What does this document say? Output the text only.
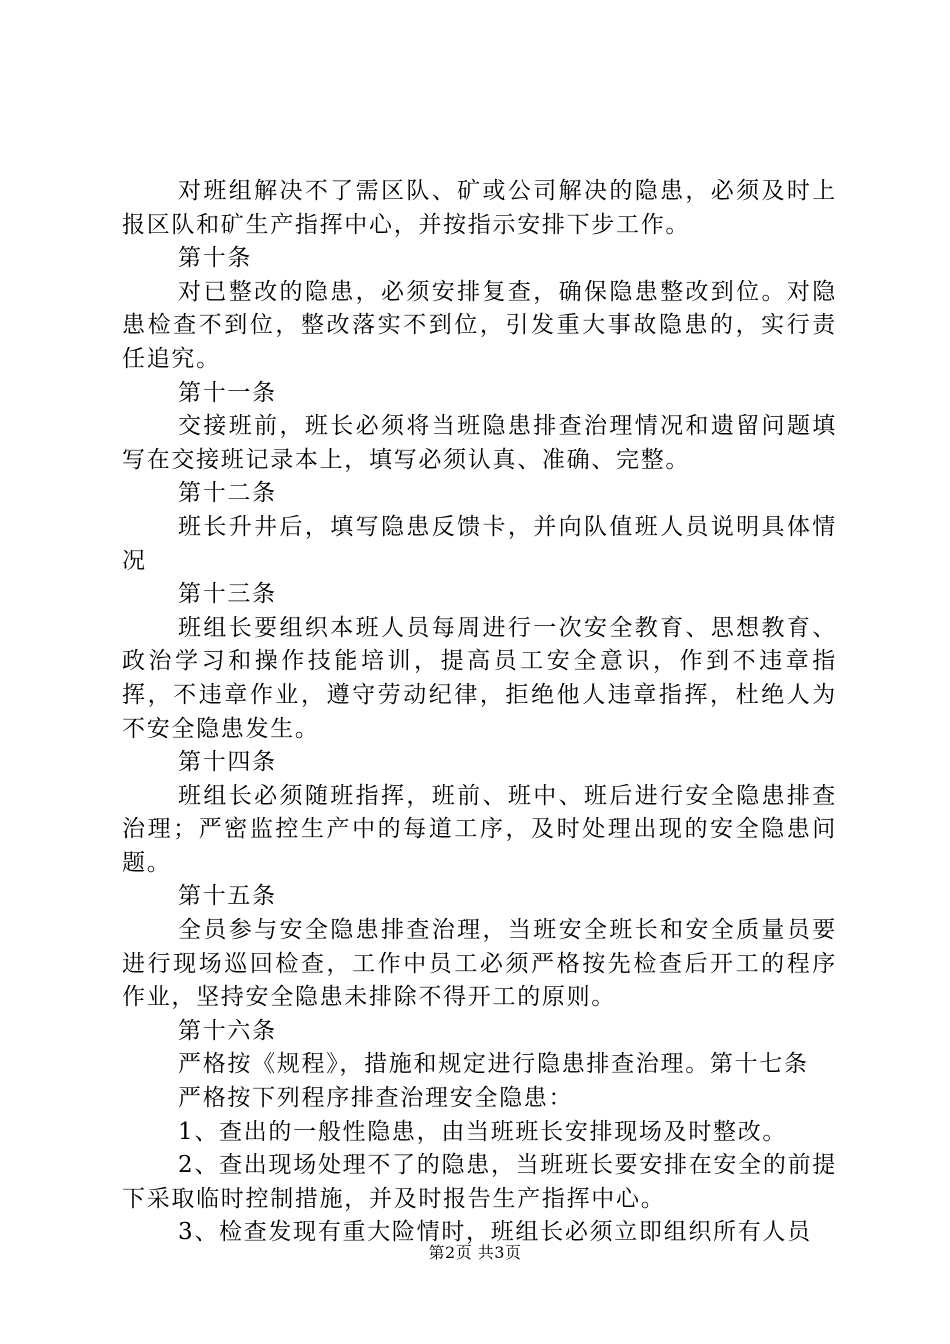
对班组解决不了需区队、矿或公司解决的隐患，必须及时上报区队和矿生产指挥中心，并按指示安排下步工作。

第十条

对已整改的隐患，必须安排复查，确保隐患整改到位。对隐患检查不到位，整改落实不到位，引发重大事故隐患的，实行责任追究。

第十一条

交接班前，班长必须将当班隐患排查治理情况和遗留问题填写在交接班记录本上，填写必须认真、准确、完整。

第十二条

班长升井后，填写隐患反馈卡，并向队值班人员说明具体情况

第十三条

班组长要组织本班人员每周进行一次安全教育、思想教育、政治学习和操作技能培训，提高员工安全意识，作到不违章指挥，不违章作业，遵守劳动纪律，拒绝他人违章指挥，杜绝人为不安全隐患发生。

第十四条

班组长必须随班指挥，班前、班中、班后进行安全隐患排查治理；严密监控生产中的每道工序，及时处理出现的安全隐患问题。

第十五条

全员参与安全隐患排查治理，当班安全班长和安全质量员要进行现场巡回检查，工作中员工必须严格按先检查后开工的程序作业，坚持安全隐患未排除不得开工的原则。

第十六条

严格按《规程》，措施和规定进行隐患排查治理。第十七条

严格按下列程序排查治理安全隐患：

1、查出的一般性隐患，由当班班长安排现场及时整改。

2、查出现场处理不了的隐患，当班班长要安排在安全的前提下采取临时控制措施，并及时报告生产指挥中心。

3、检查发现有重大险情时，班组长必须立即组织所有人员

第2页 共3页
